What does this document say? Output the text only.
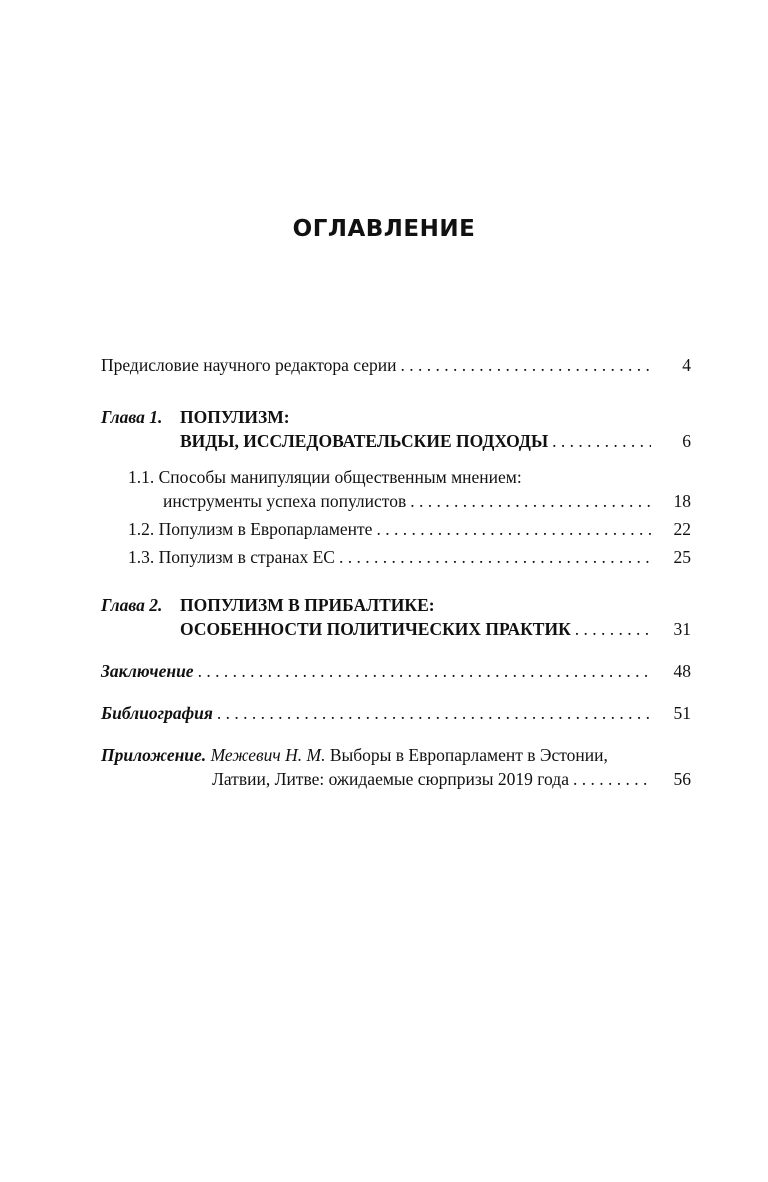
ОГЛАВЛЕНИЕ
Предисловие научного редактора серии . . .	4
Глава 1. ПОПУЛИЗМ:
ВИДЫ, ИССЛЕДОВАТЕЛЬСКИЕ ПОДХОДЫ . . .	6
1.1. Способы манипуляции общественным мнением:
инструменты успеха популистов . . .	18
1.2. Популизм в Европарламенте . . .	22
1.3. Популизм в странах ЕС . . .	25
Глава 2. ПОПУЛИЗМ В ПРИБАЛТИКЕ:
ОСОБЕННОСТИ ПОЛИТИЧЕСКИХ ПРАКТИК . . .	31
Заключение . . .	48
Библиография . . .	51
Приложение. Межевич Н. М. Выборы в Европарламент в Эстонии,
Латвии, Литве: ожидаемые сюрпризы 2019 года . . .	56
